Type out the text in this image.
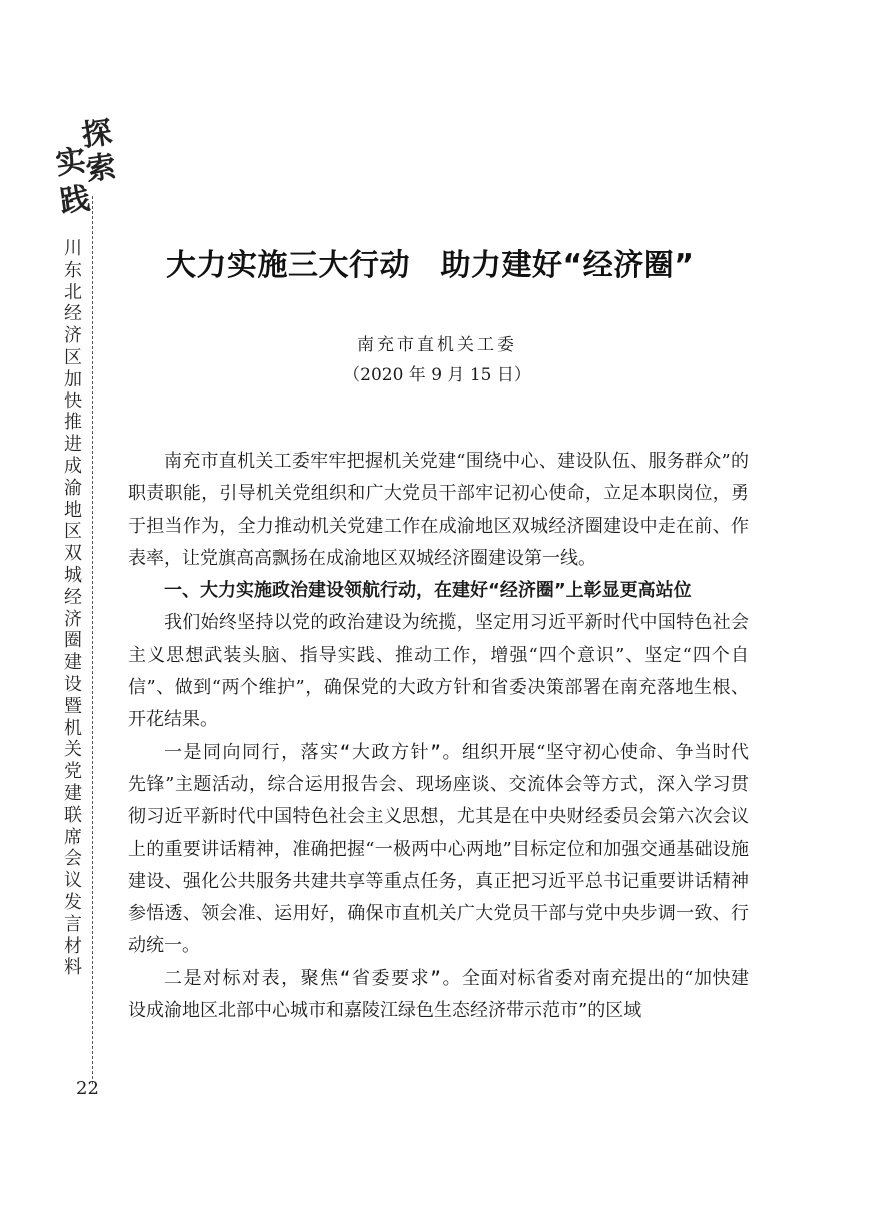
探
索
实
践
川东北经济区加快推进成渝地区双城经济圈建设暨机关党建联席会议发言材料
22
大力实施三大行动　助力建好“经济圈”
南充市直机关工委
（2020 年 9 月 15 日）

南充市直机关工委牢牢把握机关党建“围绕中心、建设队伍、服务群众”的职责职能，引导机关党组织和广大党员干部牢记初心使命，立足本职岗位，勇于担当作为，全力推动机关党建工作在成渝地区双城经济圈建设中走在前、作表率，让党旗高高飘扬在成渝地区双城经济圈建设第一线。

一、大力实施政治建设领航行动，在建好“经济圈”上彰显更高站位

我们始终坚持以党的政治建设为统揽，坚定用习近平新时代中国特色社会主义思想武装头脑、指导实践、推动工作，增强“四个意识”、坚定“四个自信”、做到“两个维护”，确保党的大政方针和省委决策部署在南充落地生根、开花结果。

一是同向同行，落实“大政方针”。组织开展“坚守初心使命、争当时代先锋”主题活动，综合运用报告会、现场座谈、交流体会等方式，深入学习贯彻习近平新时代中国特色社会主义思想，尤其是在中央财经委员会第六次会议上的重要讲话精神，准确把握“一极两中心两地”目标定位和加强交通基础设施建设、强化公共服务共建共享等重点任务，真正把习近平总书记重要讲话精神参悟透、领会准、运用好，确保市直机关广大党员干部与党中央步调一致、行动统一。

二是对标对表，聚焦“省委要求”。全面对标省委对南充提出的“加快建设成渝地区北部中心城市和嘉陵江绿色生态经济带示范市”的区域
